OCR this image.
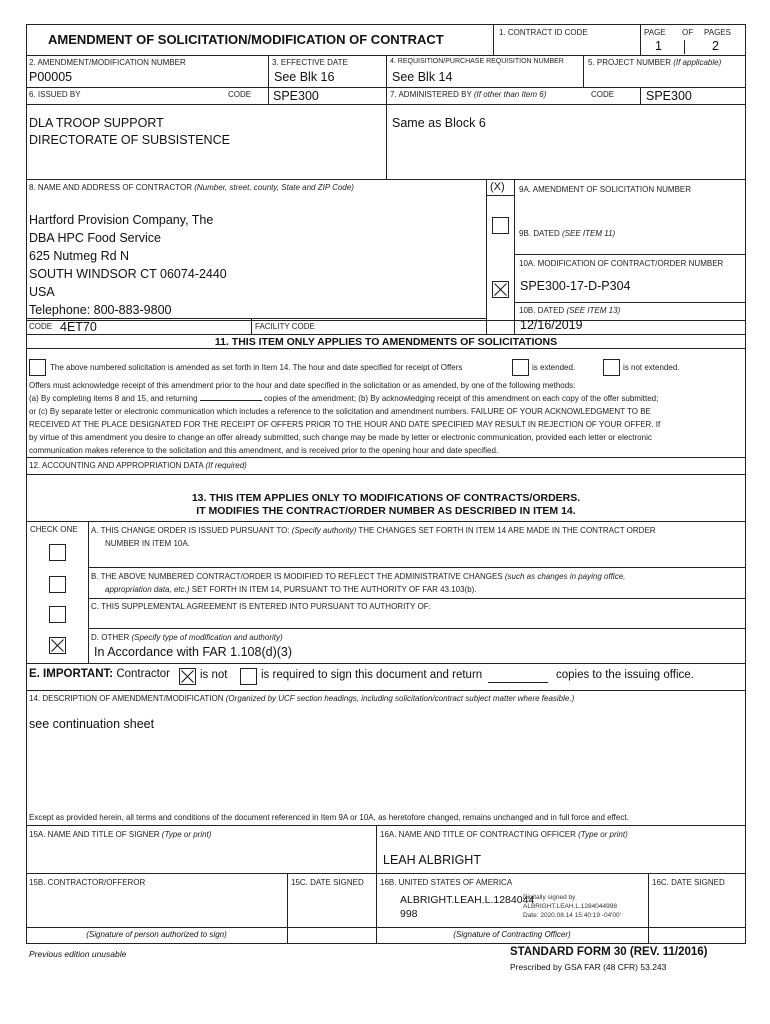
AMENDMENT OF SOLICITATION/MODIFICATION OF CONTRACT	1. CONTRACT ID CODE	PAGE OF PAGES
1	2
2. AMENDMENT/MODIFICATION NUMBER
P00005
3. EFFECTIVE DATE
See Blk 16
4. REQUISITION/PURCHASE REQUISITION NUMBER
See Blk 14
5. PROJECT NUMBER (If applicable)
6. ISSUED BY	CODE SPE300	7. ADMINISTERED BY (If other than Item 6)	CODE	SPE300
DLA TROOP SUPPORT
DIRECTORATE OF SUBSISTENCE
Same as Block 6
8. NAME AND ADDRESS OF CONTRACTOR (Number, street, county, State and ZIP Code)	(X) 9A. AMENDMENT OF SOLICITATION NUMBER
9B. DATED (SEE ITEM 11)
10A. MODIFICATION OF CONTRACT/ORDER NUMBER
SPE300-17-D-P304
10B. DATED (SEE ITEM 13)
12/16/2019
Hartford Provision Company, The
DBA HPC Food Service
625 Nutmeg Rd N
SOUTH WINDSOR CT 06074-2440
USA
Telephone: 800-883-9800
CODE 4ET70	FACILITY CODE
11. THIS ITEM ONLY APPLIES TO AMENDMENTS OF SOLICITATIONS
The above numbered solicitation is amended as set forth in Item 14. The hour and date specified for receipt of Offers	is extended.	is not extended.
Offers must acknowledge receipt of this amendment prior to the hour and date specified in the solicitation or as amended, by one of the following methods:
(a) By completing items 8 and 15, and returning	copies of the amendment; (b) By acknowledging receipt of this amendment on each copy of the offer submitted;
or (c) By separate letter or electronic communication which includes a reference to the solicitation and amendment numbers. FAILURE OF YOUR ACKNOWLEDGMENT TO BE
RECEIVED AT THE PLACE DESIGNATED FOR THE RECEIPT OF OFFERS PRIOR TO THE HOUR AND DATE SPECIFIED MAY RESULT IN REJECTION OF YOUR OFFER. If
by virtue of this amendment you desire to change an offer already submitted, such change may be made by letter or electronic communication, provided each letter or electronic
communication makes reference to the solicitation and this amendment, and is received prior to the opening hour and date specified.
12. ACCOUNTING AND APPROPRIATION DATA (If required)
13. THIS ITEM APPLIES ONLY TO MODIFICATIONS OF CONTRACTS/ORDERS.
IT MODIFIES THE CONTRACT/ORDER NUMBER AS DESCRIBED IN ITEM 14.
CHECK ONE A. THIS CHANGE ORDER IS ISSUED PURSUANT TO: (Specify authority) THE CHANGES SET FORTH IN ITEM 14 ARE MADE IN THE CONTRACT ORDER
NUMBER IN ITEM 10A.
B. THE ABOVE NUMBERED CONTRACT/ORDER IS MODIFIED TO REFLECT THE ADMINISTRATIVE CHANGES (such as changes in paying office,
appropriation data, etc.) SET FORTH IN ITEM 14, PURSUANT TO THE AUTHORITY OF FAR 43.103(b).
C. THIS SUPPLEMENTAL AGREEMENT IS ENTERED INTO PURSUANT TO AUTHORITY OF:
D. OTHER (Specify type of modification and authority)
In Accordance with FAR 1.108(d)(3)
E. IMPORTANT: Contractor	is not	is required to sign this document and return	copies to the issuing office.
14. DESCRIPTION OF AMENDMENT/MODIFICATION (Organized by UCF section headings, including solicitation/contract subject matter where feasible.)
see continuation sheet
Except as provided herein, all terms and conditions of the document referenced in Item 9A or 10A, as heretofore changed, remains unchanged and in full force and effect.
15A. NAME AND TITLE OF SIGNER (Type or print)	16A. NAME AND TITLE OF CONTRACTING OFFICER (Type or print)
LEAH ALBRIGHT
15B. CONTRACTOR/OFFEROR	15C. DATE SIGNED 16B. UNITED STATES OF AMERICA	16C. DATE SIGNED
ALBRIGHT.LEAH.L.1284044
998
Digitally signed by
ALBRIGHT.LEAH.L.1284044998
Date: 2020.08.14 15:40:19 -04'00'
(Signature of person authorized to sign)	(Signature of Contracting Officer)
Previous edition unusable	STANDARD FORM 30 (REV. 11/2016)
Prescribed by GSA FAR (48 CFR) 53.243
